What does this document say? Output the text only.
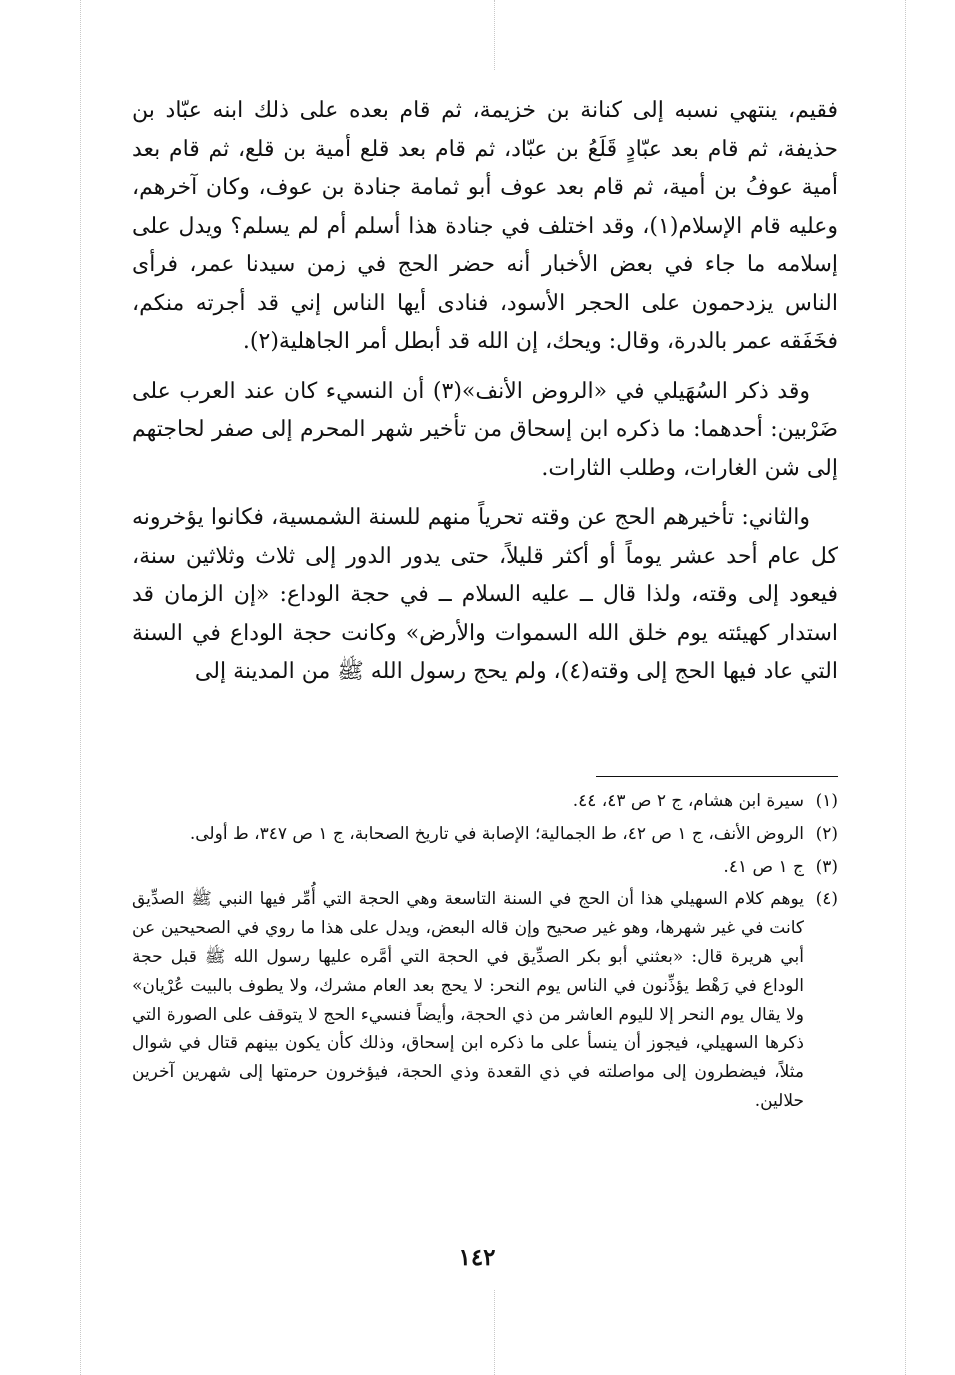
فقيم، ينتهي نسبه إلى كنانة بن خزيمة، ثم قام بعده على ذلك ابنه عبّاد بن حذيفة، ثم قام بعد عبّادٍ قَلَعُ بن عبّاد، ثم قام بعد قلع أمية بن قلع، ثم قام بعد أمية عوفُ بن أمية، ثم قام بعد عوف أبو ثمامة جنادة بن عوف، وكان آخرهم، وعليه قام الإسلام(١)، وقد اختلف في جنادة هذا أسلم أم لم يسلم؟ ويدل على إسلامه ما جاء في بعض الأخبار أنه حضر الحج في زمن سيدنا عمر، فرأى الناس يزدحمون على الحجر الأسود، فنادى أيها الناس إني قد أجرته منكم، فخَفَقه عمر بالدرة، وقال: ويحك، إن الله قد أبطل أمر الجاهلية(٢).

وقد ذكر السُهَيلي في «الروض الأنف»(٣) أن النسيء كان عند العرب على ضَرْبين: أحدهما: ما ذكره ابن إسحاق من تأخير شهر المحرم إلى صفر لحاجتهم إلى شن الغارات، وطلب الثارات.

والثاني: تأخيرهم الحج عن وقته تحرياً منهم للسنة الشمسية، فكانوا يؤخرونه كل عام أحد عشر يوماً أو أكثر قليلاً، حتى يدور الدور إلى ثلاث وثلاثين سنة، فيعود إلى وقته، ولذا قال ــ عليه السلام ــ في حجة الوداع: «إن الزمان قد استدار كهيئته يوم خلق الله السموات والأرض» وكانت حجة الوداع في السنة التي عاد فيها الحج إلى وقته(٤)، ولم يحج رسول الله ﷺ من المدينة إلى

(١)
سيرة ابن هشام، ج ٢ ص ٤٣، ٤٤.
(٢)
الروض الأنف، ج ١ ص ٤٢، ط الجمالية؛ الإصابة في تاريخ الصحابة، ج ١ ص ٣٤٧، ط أولى.
(٣)
ج ١ ص ٤١.
(٤)
يوهم كلام السهيلي هذا أن الحج في السنة التاسعة وهي الحجة التي أُمِّر فيها النبي ﷺ الصدِّيق كانت في غير شهرها، وهو غير صحيح وإن قاله البعض، ويدل على هذا ما روي في الصحيحين عن أبي هريرة قال: «بعثني أبو بكر الصدِّيق في الحجة التي أمَّره عليها رسول الله ﷺ قبل حجة الوداع في رَهْط يؤذِّنون في الناس يوم النحر: لا يحج بعد العام مشرك، ولا يطوف بالبيت عُرْيان» ولا يقال يوم النحر إلا لليوم العاشر من ذي الحجة، وأيضاً فنسيء الحج لا يتوقف على الصورة التي ذكرها السهيلي، فيجوز أن ينسأ على ما ذكره ابن إسحاق، وذلك كأن يكون بينهم قتال في شوال مثلاً، فيضطرون إلى مواصلته في ذي القعدة وذي الحجة، فيؤخرون حرمتها إلى شهرين آخرين حلالين.
١٤٢
